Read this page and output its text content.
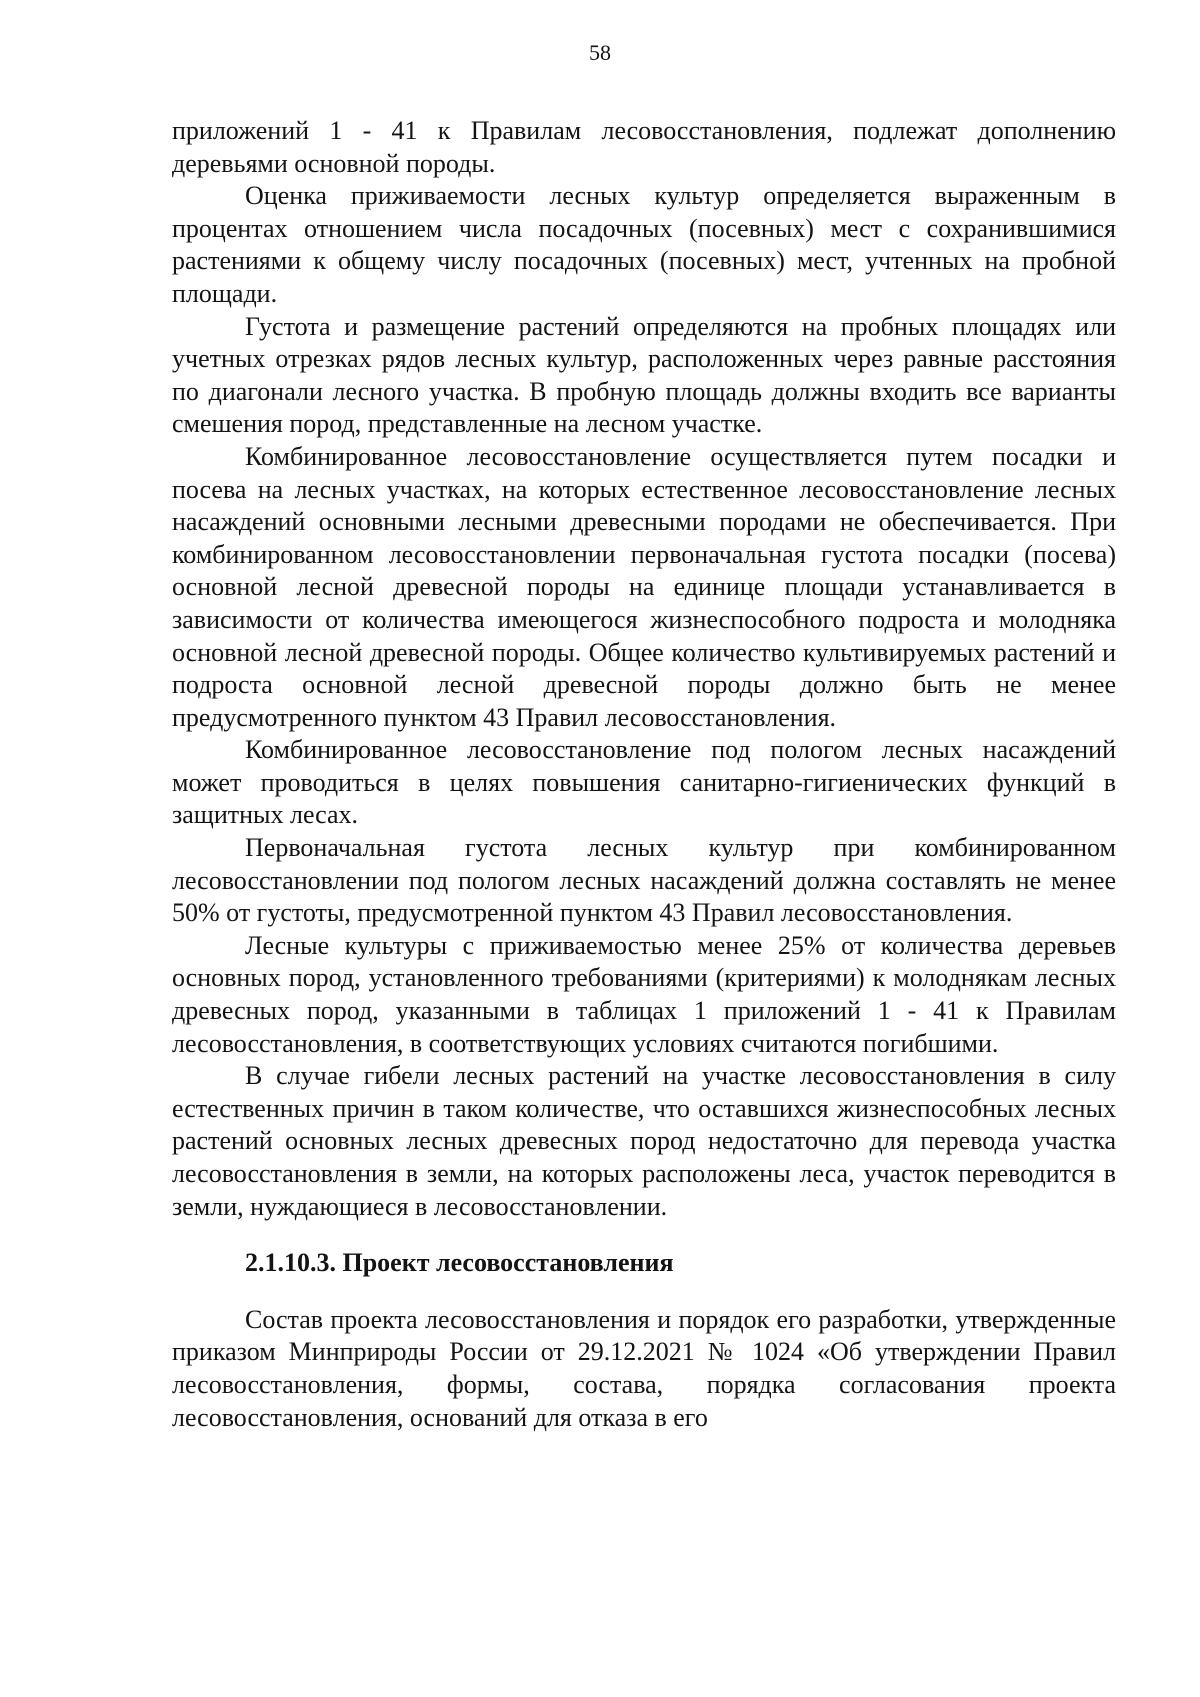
58

приложений 1 - 41 к Правилам лесовосстановления, подлежат дополнению деревьями основной породы.

Оценка приживаемости лесных культур определяется выраженным в процентах отношением числа посадочных (посевных) мест с сохранившимися растениями к общему числу посадочных (посевных) мест, учтенных на пробной площади.

Густота и размещение растений определяются на пробных площадях или учетных отрезках рядов лесных культур, расположенных через равные расстояния по диагонали лесного участка. В пробную площадь должны входить все варианты смешения пород, представленные на лесном участке.

Комбинированное лесовосстановление осуществляется путем посадки и посева на лесных участках, на которых естественное лесовосстановление лесных насаждений основными лесными древесными породами не обеспечивается. При комбинированном лесовосстановлении первоначальная густота посадки (посева) основной лесной древесной породы на единице площади устанавливается в зависимости от количества имеющегося жизнеспособного подроста и молодняка основной лесной древесной породы. Общее количество культивируемых растений и подроста основной лесной древесной породы должно быть не менее предусмотренного пунктом 43 Правил лесовосстановления.

Комбинированное лесовосстановление под пологом лесных насаждений может проводиться в целях повышения санитарно-гигиенических функций в защитных лесах.

Первоначальная густота лесных культур при комбинированном лесовосстановлении под пологом лесных насаждений должна составлять не менее 50% от густоты, предусмотренной пунктом 43 Правил лесовосстановления.

Лесные культуры с приживаемостью менее 25% от количества деревьев основных пород, установленного требованиями (критериями) к молоднякам лесных древесных пород, указанными в таблицах 1 приложений 1 - 41 к Правилам лесовосстановления, в соответствующих условиях считаются погибшими.

В случае гибели лесных растений на участке лесовосстановления в силу естественных причин в таком количестве, что оставшихся жизнеспособных лесных растений основных лесных древесных пород недостаточно для перевода участка лесовосстановления в земли, на которых расположены леса, участок переводится в земли, нуждающиеся в лесовосстановлении.

2.1.10.3. Проект лесовосстановления

Состав проекта лесовосстановления и порядок его разработки, утвержденные приказом Минприроды России от 29.12.2021 № 1024 «Об утверждении Правил лесовосстановления, формы, состава, порядка согласования проекта лесовосстановления, оснований для отказа в его
